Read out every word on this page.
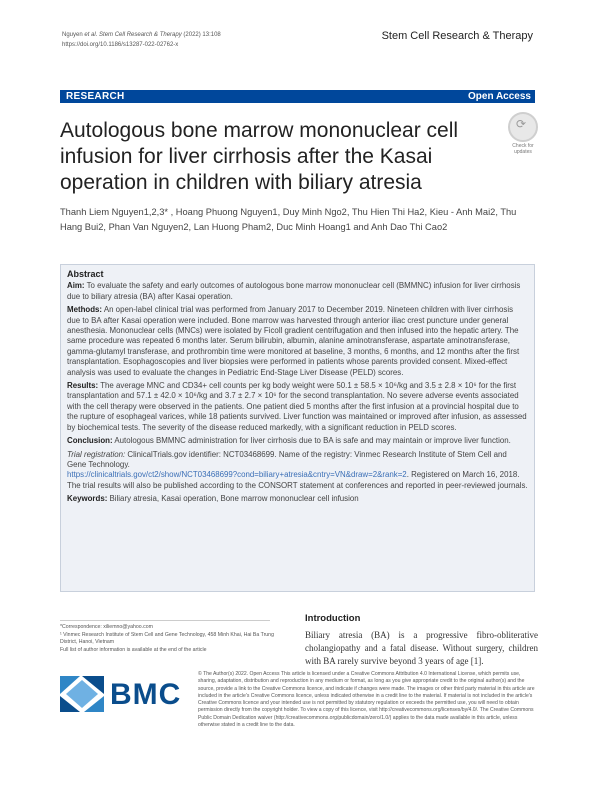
Nguyen et al. Stem Cell Research & Therapy (2022) 13:108
https://doi.org/10.1186/s13287-022-02762-x
Stem Cell Research & Therapy
RESEARCH	Open Access
Autologous bone marrow mononuclear cell infusion for liver cirrhosis after the Kasai operation in children with biliary atresia
⟳
Check for updates
Thanh Liem Nguyen1,2,3* , Hoang Phuong Nguyen1, Duy Minh Ngo2, Thu Hien Thi Ha2, Kieu - Anh Mai2, Thu Hang Bui2, Phan Van Nguyen2, Lan Huong Pham2, Duc Minh Hoang1 and Anh Dao Thi Cao2
Abstract

Aim: To evaluate the safety and early outcomes of autologous bone marrow mononuclear cell (BMMNC) infusion for liver cirrhosis due to biliary atresia (BA) after Kasai operation.

Methods: An open-label clinical trial was performed from January 2017 to December 2019. Nineteen children with liver cirrhosis due to BA after Kasai operation were included. Bone marrow was harvested through anterior iliac crest puncture under general anesthesia. Mononuclear cells (MNCs) were isolated by Ficoll gradient centrifugation and then infused into the hepatic artery. The same procedure was repeated 6 months later. Serum bilirubin, albumin, alanine aminotransferase, aspartate aminotransferase, gamma-glutamyl transferase, and prothrombin time were monitored at baseline, 3 months, 6 months, and 12 months after the first transplantation. Esophagoscopies and liver biopsies were performed in patients whose parents provided consent. Mixed-effect analysis was used to evaluate the changes in Pediatric End-Stage Liver Disease (PELD) scores.

Results: The average MNC and CD34+ cell counts per kg body weight were 50.1 ± 58.5 × 10⁶/kg and 3.5 ± 2.8 × 10⁶ for the first transplantation and 57.1 ± 42.0 × 10⁶/kg and 3.7 ± 2.7 × 10⁶ for the second transplantation. No severe adverse events associated with the cell therapy were observed in the patients. One patient died 5 months after the first infusion at a provincial hospital due to the rupture of esophageal varices, while 18 patients survived. Liver function was maintained or improved after infusion, as assessed by biochemical tests. The severity of the disease reduced markedly, with a significant reduction in PELD scores.

Conclusion: Autologous BMMNC administration for liver cirrhosis due to BA is safe and may maintain or improve liver function.

Trial registration: ClinicalTrials.gov identifier: NCT03468699. Name of the registry: Vinmec Research Institute of Stem Cell and Gene Technology.
https://clinicaltrials.gov/ct2/show/NCT03468699?cond=biliary+atresia&cntry=VN&draw=2&rank=2. Registered on March 16, 2018. The trial results will also be published according to the CONSORT statement at conferences and reported in peer-reviewed journals.

Keywords: Biliary atresia, Kasai operation, Bone marrow mononuclear cell infusion

*Correspondence: xiliemno@yahoo.com
¹ Vinmec Research Institute of Stem Cell and Gene Technology, 458 Minh Khai, Hai Ba Trung District, Hanoi, Vietnam
Full list of author information is available at the end of the article
Introduction
Biliary atresia (BA) is a progressive fibro-obliterative cholangiopathy and a fatal disease. Without surgery, children with BA rarely survive beyond 3 years of age [1].
BMC
© The Author(s) 2022. Open Access This article is licensed under a Creative Commons Attribution 4.0 International License, which permits use, sharing, adaptation, distribution and reproduction in any medium or format, as long as you give appropriate credit to the original author(s) and the source, provide a link to the Creative Commons licence, and indicate if changes were made. The images or other third party material in this article are included in the article's Creative Commons licence, unless indicated otherwise in a credit line to the material. If material is not included in the article's Creative Commons licence and your intended use is not permitted by statutory regulation or exceeds the permitted use, you will need to obtain permission directly from the copyright holder. To view a copy of this licence, visit http://creativecommons.org/licenses/by/4.0/. The Creative Commons Public Domain Dedication waiver (http://creativecommons.org/publicdomain/zero/1.0/) applies to the data made available in this article, unless otherwise stated in a credit line to the data.
